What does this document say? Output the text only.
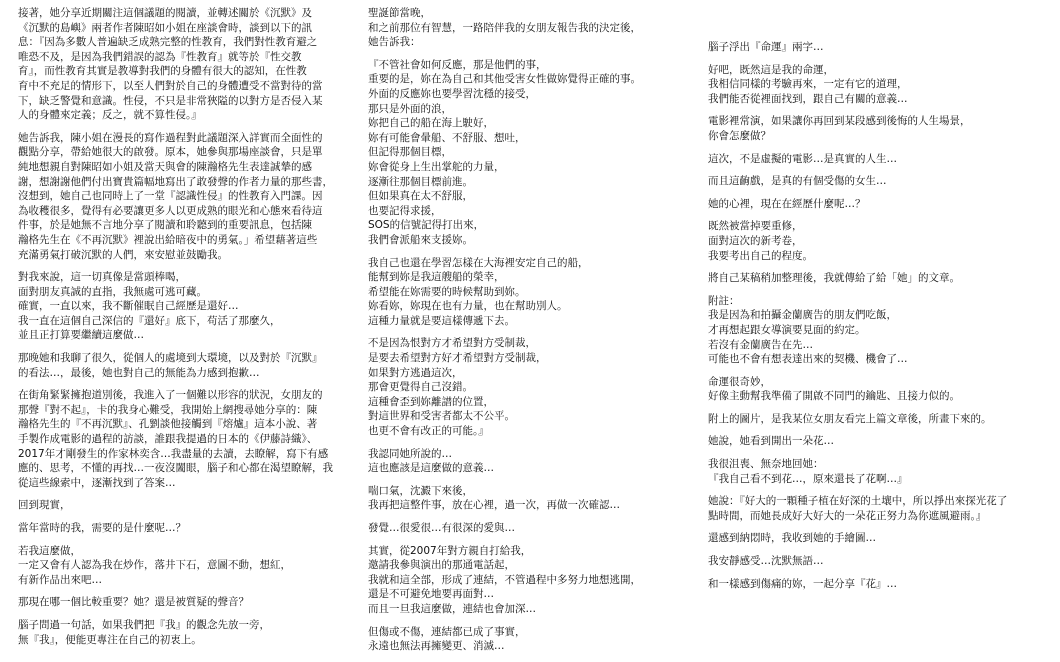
接著，她分享近期關注這個議題的閱讀，並轉述關於《沉默》及
《沉默的島嶼》兩者作者陳昭如小姐在座談會時，談到以下的訊
息：『因為多數人普遍缺乏成熟完整的性教育，我們對性教育避之
唯恐不及，是因為我們錯誤的認為『性教育』就等於『性交教
育』，而性教育其實是教導對我們的身體有很大的認知，在性教
育中不充足的情形下，以至人們對於自己的身體遭受不當對待的當
下，缺乏警覺和意識。性侵，不只是非常狹隘的以對方是否侵入某
人的身體來定義；反之，就不算性侵。』

她告訴我，陳小姐在漫長的寫作過程對此議題深入詳實而全面性的
觀點分享，帶給她很大的啟發。原本，她參與那場座談會，只是單
純地想親自對陳昭如小姐及當天與會的陳瀚格先生表達誠摯的感
謝，想謝謝他們付出寶貴篇幅地寫出了敢發聲的作者力量的那些書，
沒想到，她自己也同時上了一堂『認識性侵』的性教育入門課。因
為收穫很多，覺得有必要讓更多人以更成熟的眼光和心態來看待這
件事，於是她無不言地分享了閱讀和聆聽到的重要訊息，包括陳
瀚格先生在《不再沉默》裡說出給暗夜中的勇氣。」希望藉著這些
充滿勇氣打破沉默的人們，來安慰並鼓勵我。

對我來說，這一切真像是當頭棒喝，
面對朋友真誠的直指，我無處可逃可藏。
確實，一直以來，我不斷催眠自己經歷是還好…
我一直在這個自己深信的『還好』底下，苟活了那麼久，
並且正打算要繼續這麼做…

那晚她和我聊了很久，從個人的處境到大環境，以及對於『沉默』
的看法…，最後，她也對自己的無能為力感到抱歉…

在街角緊緊擁抱道別後，我進入了一個難以形容的狀況，女朋友的
那聲『對不起』，卡的我身心難受，我開始上網搜尋她分享的：陳
瀚格先生的『不再沉默』、孔劉談他接觸到『熔爐』這本小說、著
手製作成電影的過程的訪談，誰跟我提過的日本的《伊藤詩織》、
2017年才剛發生的作家林奕含…我盡量的去讀，去瞭解，寫下有感
應的、思考，不懂的再找…一夜沒闔眼，腦子和心都在渴望瞭解，我
從這些線索中，逐漸找到了答案…

回到現實，

當年當時的我，需要的是什麼呢…？

若我這麼做，
一定又會有人認為我在炒作，落井下石，意圖不動，想紅，
有新作品出來吧…

那現在哪一個比較重要？她？還是被質疑的聲音？

腦子問過一句話，如果我們把『我』的觀念先放一旁，
無『我』，便能更專注在自己的初衷上。

聖誕節當晚，
和之前那位有智慧，一路陪伴我的女朋友報告我的決定後，
她告訴我：

『不管社會如何反應，那是他們的事，
重要的是，妳在為自己和其他受害女性做妳覺得正確的事。
外面的反應妳也要學習沈穩的接受，
那只是外面的浪，
妳把自己的船在海上駛好，
妳有可能會暈船、不舒服、想吐，
但記得那個目標，
妳會從身上生出掌舵的力量，
逐漸往那個目標前進。
但如果真在太不舒服，
也要記得求援，
SOS的信號記得打出來，
我們會派船來支援妳。

我自己也還在學習怎樣在大海裡安定自己的船，
能幫到妳是我這艘船的榮幸，
希望能在妳需要的時候幫助到妳。
妳看妳，妳現在也有力量，也在幫助別人。
這種力量就是要這樣傳遞下去。

不是因為恨對方才希望對方受制裁，
是要去希望對方好才希望對方受制裁，
如果對方逃過這次，
那會更覺得自己沒錯。
這種會歪到妳離譜的位置，
對這世界和受害者都太不公平。
也更不會有改正的可能。』

我認同她所說的…
這也應該是這麼做的意義…

喘口氣，沈澱下來後，
我再把這整件事，放在心裡，過一次，再做一次確認…

發覺…很愛很…有很深的愛與…

其實，從2007年對方親自打給我，
邀請我參與演出的那通電話起，
我就和這全部，形成了連結，不管過程中多努力地想逃開，
還是不可避免地要再面對…
而且一旦我這麼做，連結也會加深…

但傷或不傷，連結都已成了事實，
永遠也無法再擁變更、消滅…

腦子浮出『命運』兩字…

好吧，既然這是我的命運，
我相信同樣的考驗再來，一定有它的道理，
我們能否從裡面找到，跟自己有關的意義…

電影裡常演，如果讓你再回到某段感到後悔的人生場景，
你會怎麼做？

這次，不是虛擬的電影…是真實的人生…

而且這齣戲，是真的有個受傷的女生…

她的心裡，現在在經歷什麼呢…？

既然被當掉要重修，
面對這次的新考卷，
我要考出自己的程度。

將自己某稿稍加整理後，我就傳給了給「她」的文章。

附註：
我是因為和拍攝金蘭廣告的朋友們吃飯，
才再想起跟女導演要見面的約定。
若沒有金蘭廣告在先…
可能也不會有想表達出來的契機、機會了…

命運很奇妙，
好像主動幫我準備了開啟不同門的鑰匙、且接力似的。

附上的圖片，是我某位女朋友看完上篇文章後，所畫下來的。

她說，她看到開出一朵花…

我很沮喪、無奈地回她：
『我自己看不到花…，原來還長了花啊…』

她說：『好大的一顆種子植在好深的土壤中，所以掙出來探光花了
點時間，而她長成好大好大的一朵花正努力為你遮風避雨。』

還感到納悶時，我收到她的手繪圖…

我安靜感受…沈默無語…

和一樣感到傷痛的妳，一起分享『花』…
